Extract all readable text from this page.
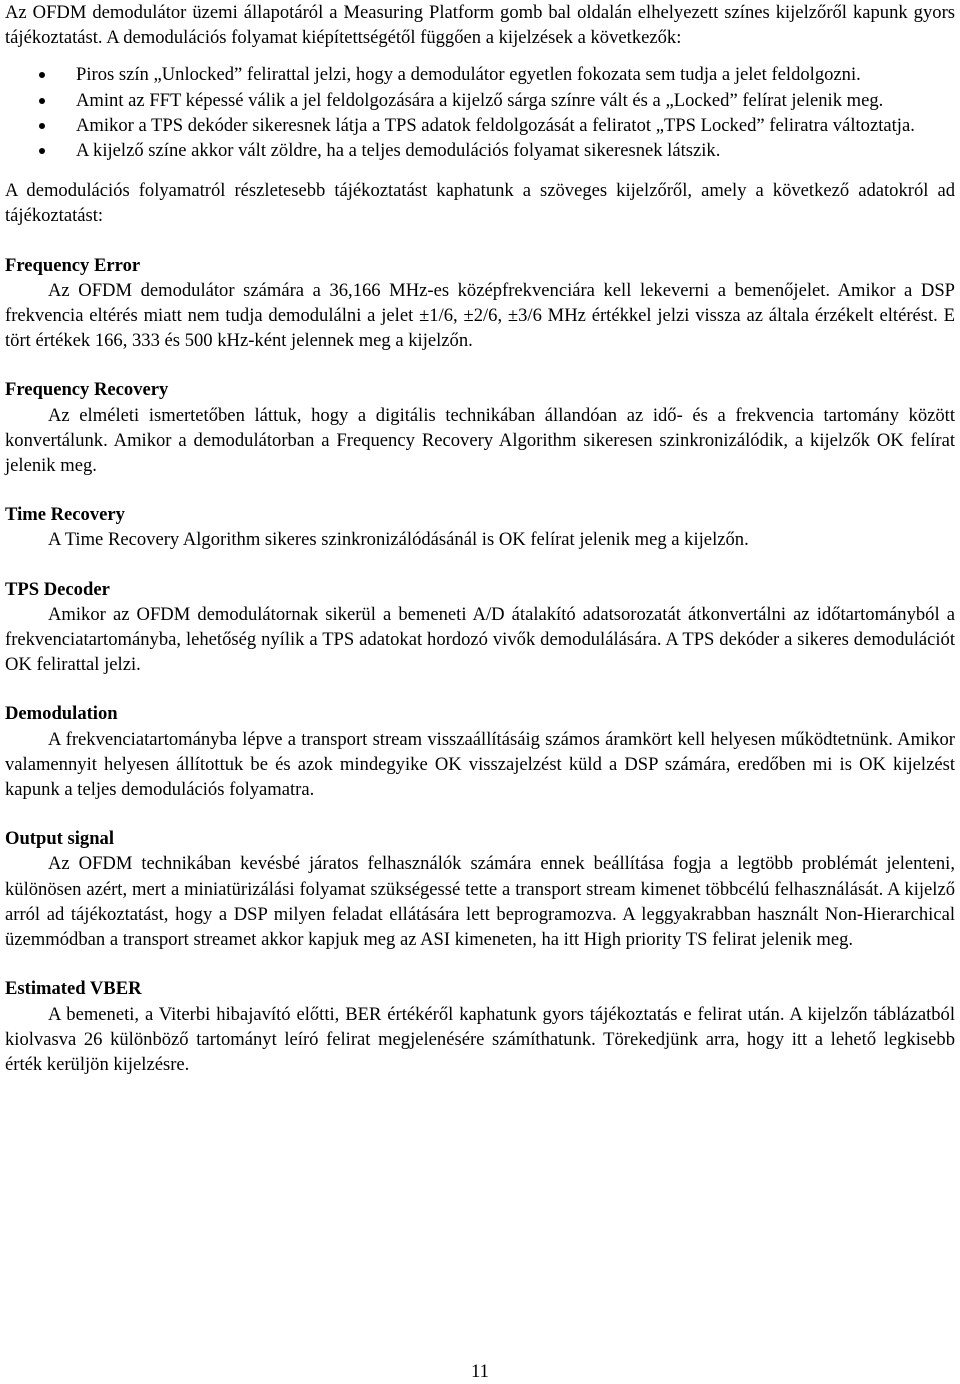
Az OFDM demodulátor üzemi állapotáról a Measuring Platform gomb bal oldalán elhelyezett színes kijelzőről kapunk gyors tájékoztatást. A demodulációs folyamat kiépítettségétől függően a kijelzések a következők:

Piros szín „Unlocked” felirattal jelzi, hogy a demodulátor egyetlen fokozata sem tudja a jelet feldolgozni.
Amint az FFT képessé válik a jel feldolgozására a kijelző sárga színre vált és a „Locked” felírat jelenik meg.
Amikor a TPS dekóder sikeresnek látja a TPS adatok feldolgozását a feliratot „TPS Locked” feliratra változtatja.
A kijelző színe akkor vált zöldre, ha a teljes demodulációs folyamat sikeresnek látszik.

A demodulációs folyamatról részletesebb tájékoztatást kaphatunk a szöveges kijelzőről, amely a következő adatokról ad tájékoztatást:

Frequency Error

Az OFDM demodulátor számára a 36,166 MHz-es középfrekvenciára kell lekeverni a bemenőjelet. Amikor a DSP frekvencia eltérés miatt nem tudja demodulálni a jelet ±1/6, ±2/6, ±3/6 MHz értékkel jelzi vissza az általa érzékelt eltérést. E tört értékek 166, 333 és 500 kHz-ként jelennek meg a kijelzőn.

Frequency Recovery

Az elméleti ismertetőben láttuk, hogy a digitális technikában állandóan az idő- és a frekvencia tartomány között konvertálunk. Amikor a demodulátorban a Frequency Recovery Algorithm sikeresen szinkronizálódik, a kijelzők OK felírat jelenik meg.

Time Recovery

A Time Recovery Algorithm sikeres szinkronizálódásánál is OK felírat jelenik meg a kijelzőn.

TPS Decoder

Amikor az OFDM demodulátornak sikerül a bemeneti A/D átalakító adatsorozatát átkonvertálni az időtartományból a frekvenciatartományba, lehetőség nyílik a TPS adatokat hordozó vivők demodulálására. A TPS dekóder a sikeres demodulációt OK felirattal jelzi.

Demodulation

A frekvenciatartományba lépve a transport stream visszaállításáig számos áramkört kell helyesen működtetnünk. Amikor valamennyit helyesen állítottuk be és azok mindegyike OK visszajelzést küld a DSP számára, eredőben mi is OK kijelzést kapunk a teljes demodulációs folyamatra.

Output signal

Az OFDM technikában kevésbé járatos felhasználók számára ennek beállítása fogja a legtöbb problémát jelenteni, különösen azért, mert a miniatürizálási folyamat szükségessé tette a transport stream kimenet többcélú felhasználását. A kijelző arról ad tájékoztatást, hogy a DSP milyen feladat ellátására lett beprogramozva. A leggyakrabban használt Non-Hierarchical üzemmódban a transport streamet akkor kapjuk meg az ASI kimeneten, ha itt High priority TS felirat jelenik meg.

Estimated VBER

A bemeneti, a Viterbi hibajavító előtti, BER értékéről kaphatunk gyors tájékoztatás e felirat után. A kijelzőn táblázatból kiolvasva 26 különböző tartományt leíró felirat megjelenésére számíthatunk. Törekedjünk arra, hogy itt a lehető legkisebb érték kerüljön kijelzésre.

11
